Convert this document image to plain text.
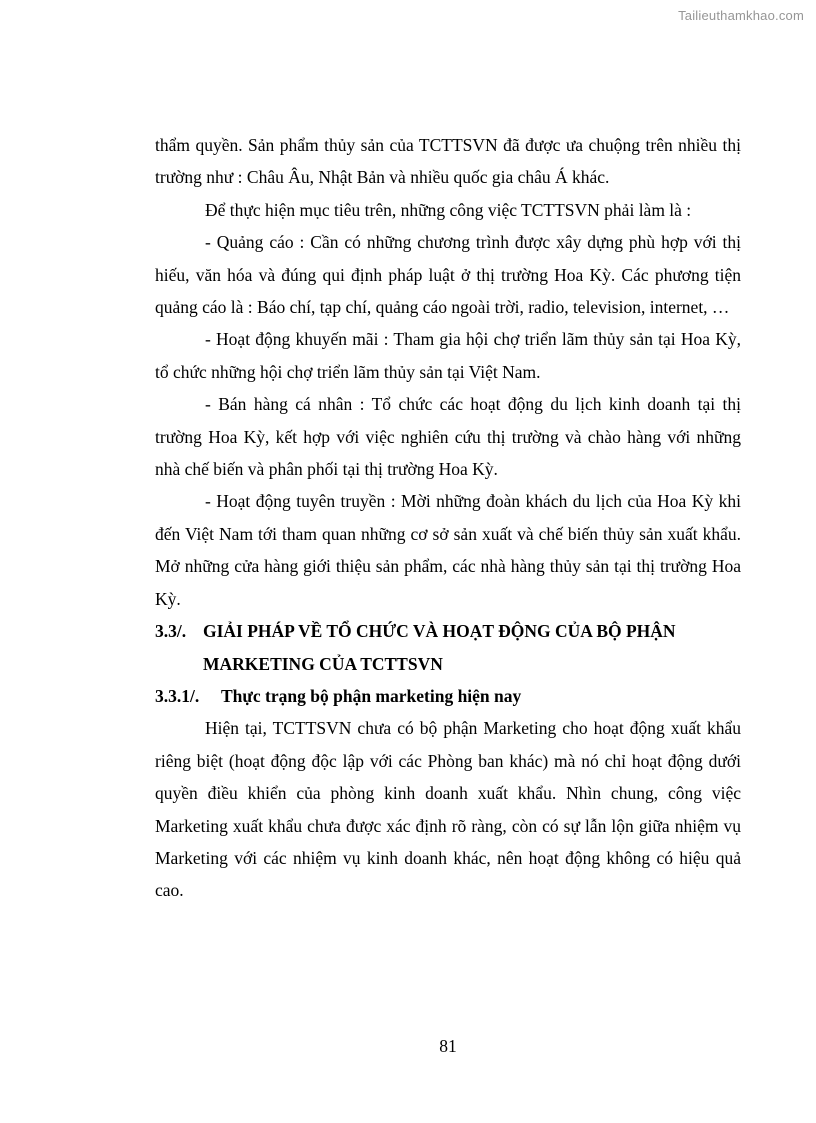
Tailieuthamkhao.com

thẩm quyền. Sản phẩm thủy sản của TCTTSVN đã được ưa chuộng trên nhiều thị trường như : Châu Âu, Nhật Bản và nhiều quốc gia châu Á khác.

Để thực hiện mục tiêu trên, những công việc TCTTSVN phải làm là :

- Quảng cáo : Cần có những chương trình được xây dựng phù hợp với thị hiếu, văn hóa và đúng qui định pháp luật ở thị trường Hoa Kỳ. Các phương tiện quảng cáo là : Báo chí, tạp chí, quảng cáo ngoài trời, radio, television, internet, …

- Hoạt động khuyến mãi : Tham gia hội chợ triển lãm thủy sản tại Hoa Kỳ, tổ chức những hội chợ triển lãm thủy sản tại Việt Nam.

- Bán hàng cá nhân : Tổ chức các hoạt động du lịch kinh doanh tại thị trường Hoa Kỳ, kết hợp với việc nghiên cứu thị trường và chào hàng với những nhà chế biến và phân phối tại thị trường Hoa Kỳ.

- Hoạt động tuyên truyền : Mời những đoàn khách du lịch của Hoa Kỳ khi đến Việt Nam tới tham quan những cơ sở sản xuất và chế biến thủy sản xuất khẩu. Mở những cửa hàng giới thiệu sản phẩm, các nhà hàng thủy sản tại thị trường Hoa Kỳ.

3.3/. GIẢI PHÁP VỀ TỔ CHỨC VÀ HOẠT ĐỘNG CỦA BỘ PHẬN
MARKETING CỦA TCTTSVN
3.3.1/.	Thực trạng bộ phận marketing hiện nay

Hiện tại, TCTTSVN chưa có bộ phận Marketing cho hoạt động xuất khẩu riêng biệt (hoạt động độc lập với các Phòng ban khác) mà nó chỉ hoạt động dưới quyền điều khiển của phòng kinh doanh xuất khẩu. Nhìn chung, công việc Marketing xuất khẩu chưa được xác định rõ ràng, còn có sự lẫn lộn giữa nhiệm vụ Marketing với các nhiệm vụ kinh doanh khác, nên hoạt động không có hiệu quả cao.

81
